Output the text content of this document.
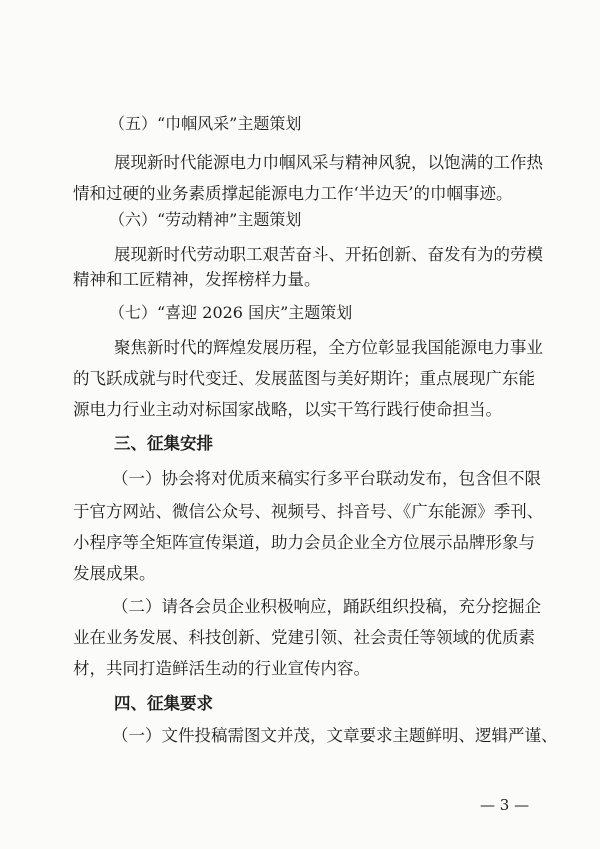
（五）“巾帼风采”主题策划

展现新时代能源电力巾帼风采与精神风貌，以饱满的工作热

情和过硬的业务素质撑起能源电力工作‘半边天’的巾帼事迹。

（六）“劳动精神”主题策划

展现新时代劳动职工艰苦奋斗、开拓创新、奋发有为的劳模

精神和工匠精神，发挥榜样力量。

（七）“喜迎 2026 国庆”主题策划

聚焦新时代的辉煌发展历程，全方位彰显我国能源电力事业

的飞跃成就与时代变迁、发展蓝图与美好期许；重点展现广东能

源电力行业主动对标国家战略，以实干笃行践行使命担当。

三、征集安排

（一）协会将对优质来稿实行多平台联动发布，包含但不限

于官方网站、微信公众号、视频号、抖音号、《广东能源》季刊、

小程序等全矩阵宣传渠道，助力会员企业全方位展示品牌形象与

发展成果。

（二）请各会员企业积极响应，踊跃组织投稿，充分挖掘企

业在业务发展、科技创新、党建引领、社会责任等领域的优质素

材，共同打造鲜活生动的行业宣传内容。

四、征集要求

（一）文件投稿需图文并茂，文章要求主题鲜明、逻辑严谨、

— 3 —
